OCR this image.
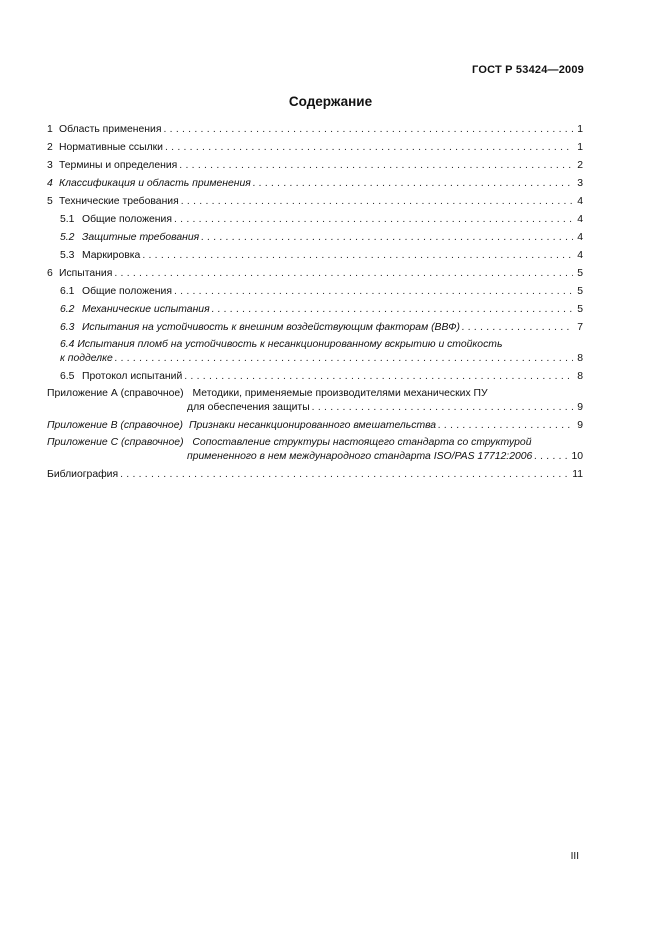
ГОСТ Р 53424—2009
Содержание
1 Область применения . . .	1
2 Нормативные ссылки . . .	1
3 Термины и определения . . .	2
4 Классификация и область применения . . .	3
5 Технические требования . . .	4
5.1 Общие положения . . .	4
5.2 Защитные требования . . .	4
5.3 Маркировка . . .	4
6 Испытания . . .	5
6.1 Общие положения . . .	5
6.2 Механические испытания . . .	5
6.3 Испытания на устойчивость к внешним воздействующим факторам (ВВФ) . . .	7
6.4 Испытания пломб на устойчивость к несанкционированному вскрытию и стойкость
к подделке . . .	8
6.5 Протокол испытаний . . .	8
Приложение А (справочное) Методики, применяемые производителями механических ПУ
для обеспечения защиты . . .	9
Приложение В (справочное) Признаки несанкционированного вмешательства . . .	9
Приложение С (справочное) Сопоставление структуры настоящего стандарта со структурой
примененного в нем международного стандарта ISO/PAS 17712:2006 . . .	10
Библиография . . .	11
III
